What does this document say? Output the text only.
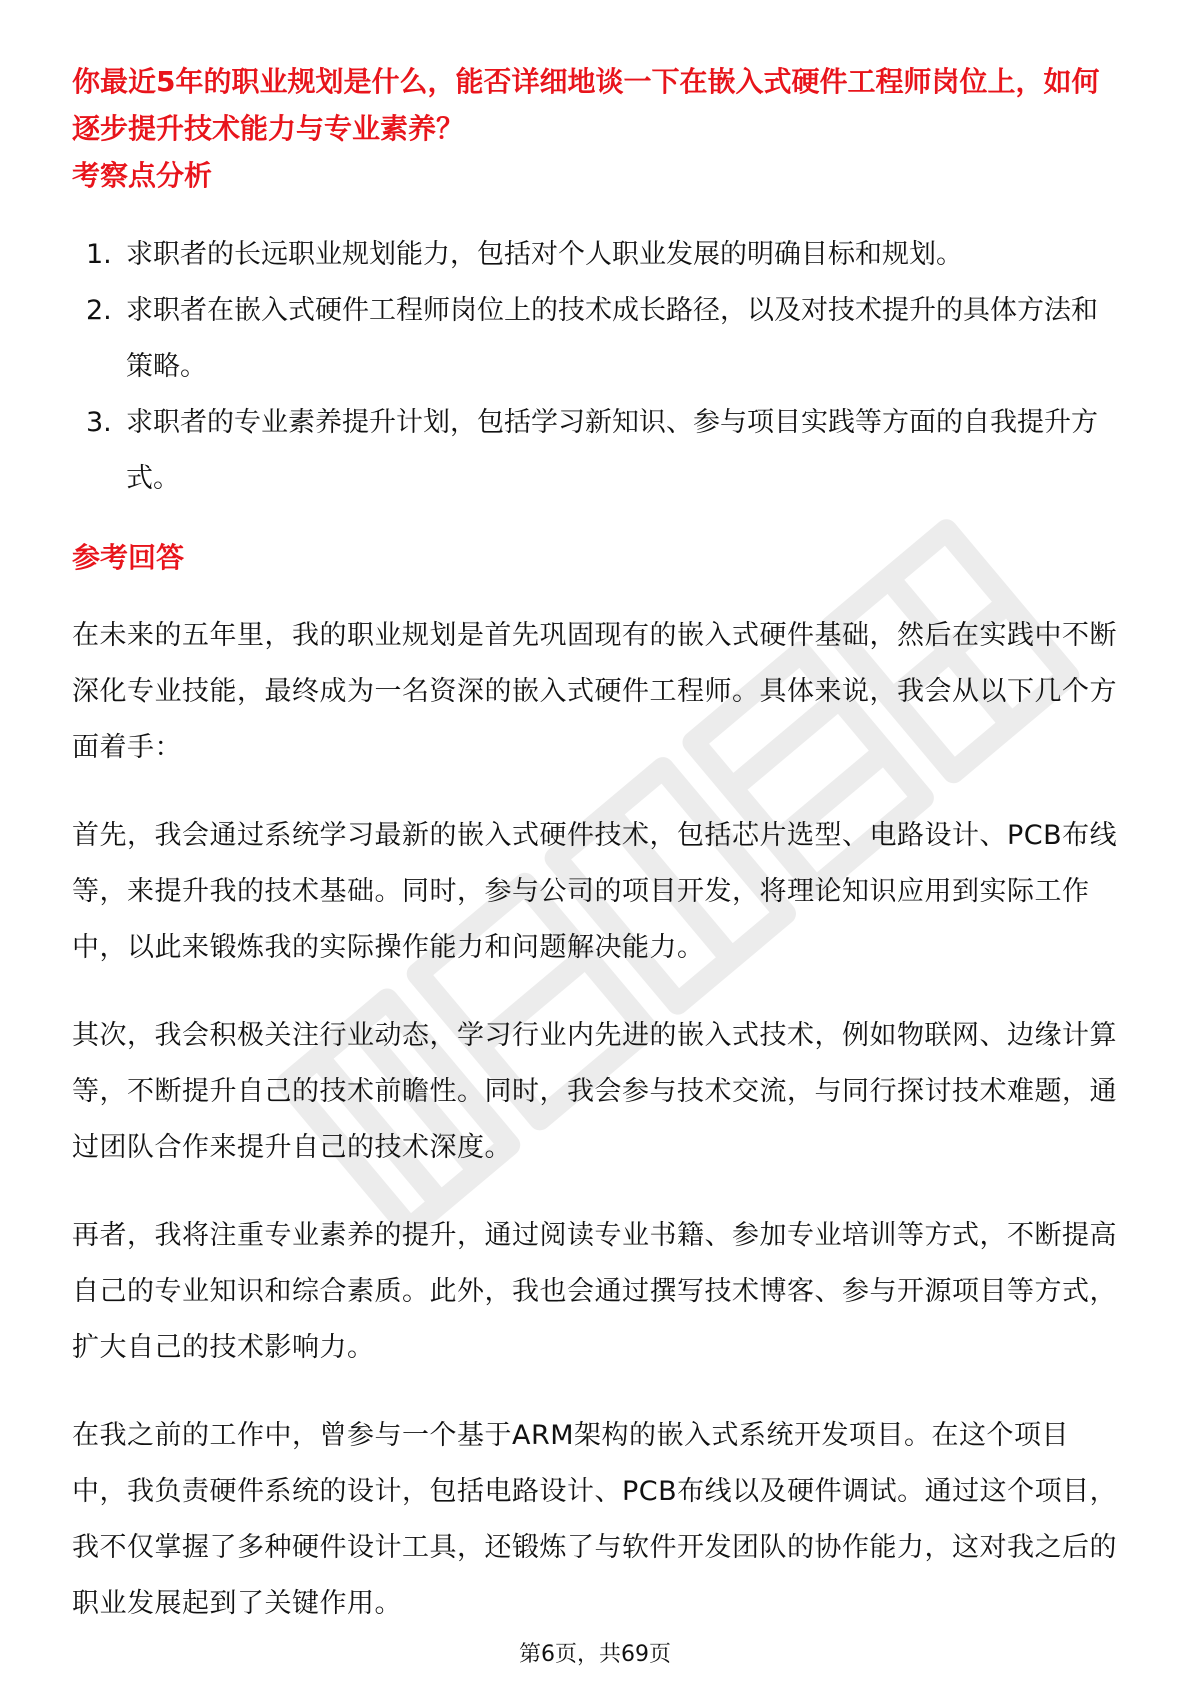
你最近5年的职业规划是什么，能否详细地谈一下在嵌入式硬件工程师岗位上，如何逐步提升技术能力与专业素养？

考察点分析
1. 求职者的长远职业规划能力，包括对个人职业发展的明确目标和规划。
2. 求职者在嵌入式硬件工程师岗位上的技术成长路径，以及对技术提升的具体方法和策略。
3. 求职者的专业素养提升计划，包括学习新知识、参与项目实践等方面的自我提升方式。
参考回答

在未来的五年里，我的职业规划是首先巩固现有的嵌入式硬件基础，然后在实践中不断深化专业技能，最终成为一名资深的嵌入式硬件工程师。具体来说，我会从以下几个方面着手：

首先，我会通过系统学习最新的嵌入式硬件技术，包括芯片选型、电路设计、PCB布线等，来提升我的技术基础。同时，参与公司的项目开发，将理论知识应用到实际工作中，以此来锻炼我的实际操作能力和问题解决能力。

其次，我会积极关注行业动态，学习行业内先进的嵌入式技术，例如物联网、边缘计算等，不断提升自己的技术前瞻性。同时，我会参与技术交流，与同行探讨技术难题，通过团队合作来提升自己的技术深度。

再者，我将注重专业素养的提升，通过阅读专业书籍、参加专业培训等方式，不断提高自己的专业知识和综合素质。此外，我也会通过撰写技术博客、参与开源项目等方式，扩大自己的技术影响力。

在我之前的工作中，曾参与一个基于ARM架构的嵌入式系统开发项目。在这个项目中，我负责硬件系统的设计，包括电路设计、PCB布线以及硬件调试。通过这个项目，我不仅掌握了多种硬件设计工具，还锻炼了与软件开发团队的协作能力，这对我之后的职业发展起到了关键作用。

第6页，共69页
